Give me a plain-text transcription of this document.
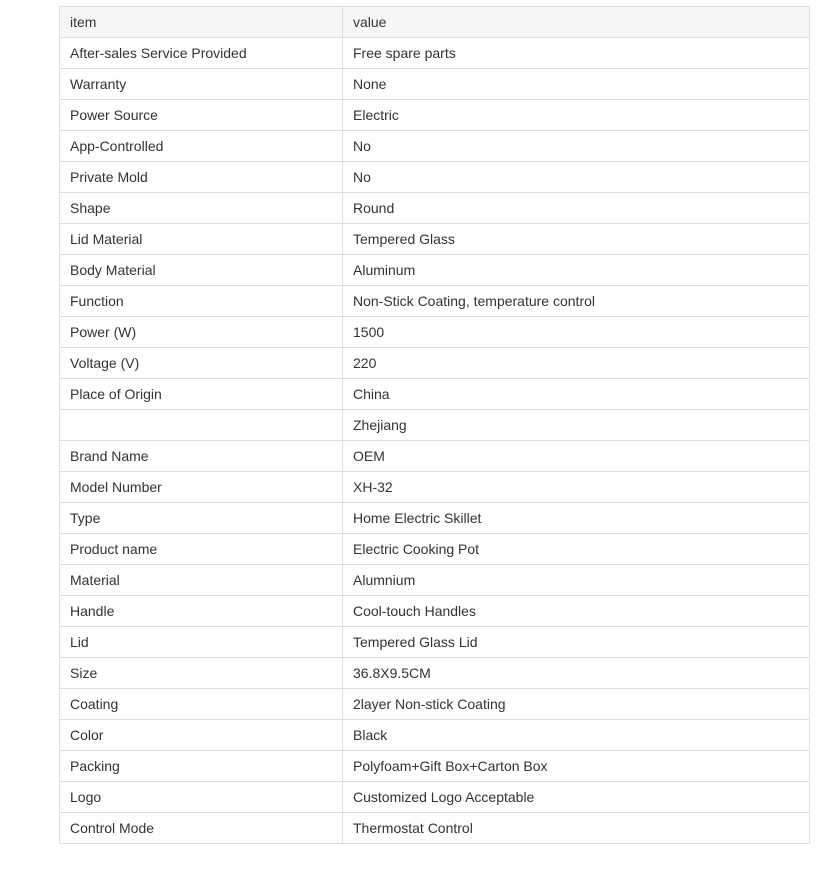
item	value
After-sales Service Provided	Free spare parts
Warranty	None
Power Source	Electric
App-Controlled	No
Private Mold	No
Shape	Round
Lid Material	Tempered Glass
Body Material	Aluminum
Function	Non-Stick Coating, temperature control
Power (W)	1500
Voltage (V)	220
Place of Origin	China
	Zhejiang
Brand Name	OEM
Model Number	XH-32
Type	Home Electric Skillet
Product name	Electric Cooking Pot
Material	Alumnium
Handle	Cool-touch Handles
Lid	Tempered Glass Lid
Size	36.8X9.5CM
Coating	2layer Non-stick Coating
Color	Black
Packing	Polyfoam+Gift Box+Carton Box
Logo	Customized Logo Acceptable
Control Mode	Thermostat Control
